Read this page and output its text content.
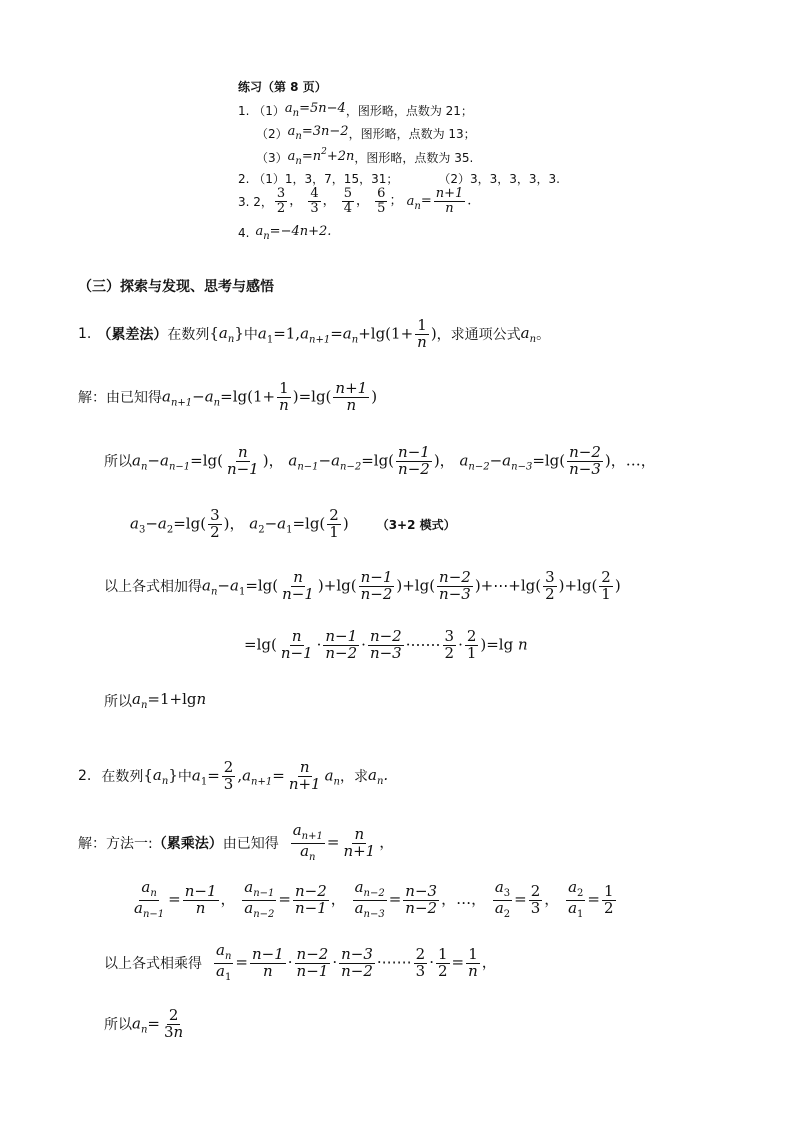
练习（第 8 页）
1. （1） $a_n=5n-4$ ，图形略，点数为 21；
（2） $a_n=3n-2$ ，图形略，点数为 13；
（3） $a_n=n^2+2n$ ，图形略，点数为 35.
2. （1）1，3，7，15，31；	（2）3，3，3，3，3.
3. 2， $\frac{3}{2}$ ， $\frac{4}{3}$ ， $\frac{5}{4}$ ， $\frac{6}{5}$ ； $a_n= \frac{n+1}{n}$ .
4. $a_n=-4n+2$.
（三）探索与发现、思考与感悟
1. （累差法） 在数列 $\{a_n\}$ 中 $a_1=1,a_{n+1}=a_n+\lg(1+ \frac{1}{n}$ ) ，求通项公式 $a_n$ 。
解：由已知得 $a_{n+1}-a_n=\lg(1+ \frac{1}{n} )=\lg( \frac{n+1}{n}$ )
所以 $a_n-a_{n-1}=\lg( \frac{n}{n-1}$ )， $a_{n-1}-a_{n-2}=\lg( \frac{n-1}{n-2}$ )， $a_{n-2}-a_{n-3}=\lg( \frac{n-2}{n-3}$ )，…，
$a_3-a_2=\lg( \frac{3}{2}$ )， $a_2-a_1=\lg( \frac{2}{1}$ ) （3+2 模式）
以上各式相加得 $a_n-a_1=\lg( \frac{n}{n-1} )+\lg( \frac{n-1}{n-2} )+\lg( \frac{n-2}{n-3}$ )+⋯+lg( $\frac{3}{2} )+\lg( \frac{2}{1}$ )
$=\lg( \frac{n}{n-1} \cdot \frac{n-1}{n-2} \cdot \frac{n-2}{n-3}$ ·⋯⋯ $\frac{3}{2} \cdot \frac{2}{1} )=\lg$ n
所以 $a_n=1+\lg n$
2. 在数列 $\{a_n\}$ 中 $a_1= \frac{2}{3} ,a_{n+1}= \frac{n}{n+1} a_n$ ，求 $a_n$.
解：方法一: （累乘法） 由已知得 $\frac{a_{n+1}}{a_n} = \frac{n}{n+1}$ ，
$\frac{a_n}{a_{n-1}} = \frac{n-1}{n}$ ， $\frac{a_{n-1}}{a_{n-2}} = \frac{n-2}{n-1}$ ， $\frac{a_{n-2}}{a_{n-3}} = \frac{n-3}{n-2}$ ，…， $\frac{a_3}{a_2} = \frac{2}{3}$ ， $\frac{a_2}{a_1} = \frac{1}{2}$
以上各式相乘得 $\frac{a_n}{a_1} = \frac{n-1}{n} \cdot \frac{n-2}{n-1} \cdot \frac{n-3}{n-2}$ ·⋯⋯ $\frac{2}{3} \cdot \frac{1}{2} = \frac{1}{n}$ ，
所以 $a_n= \frac{2}{3n}$
